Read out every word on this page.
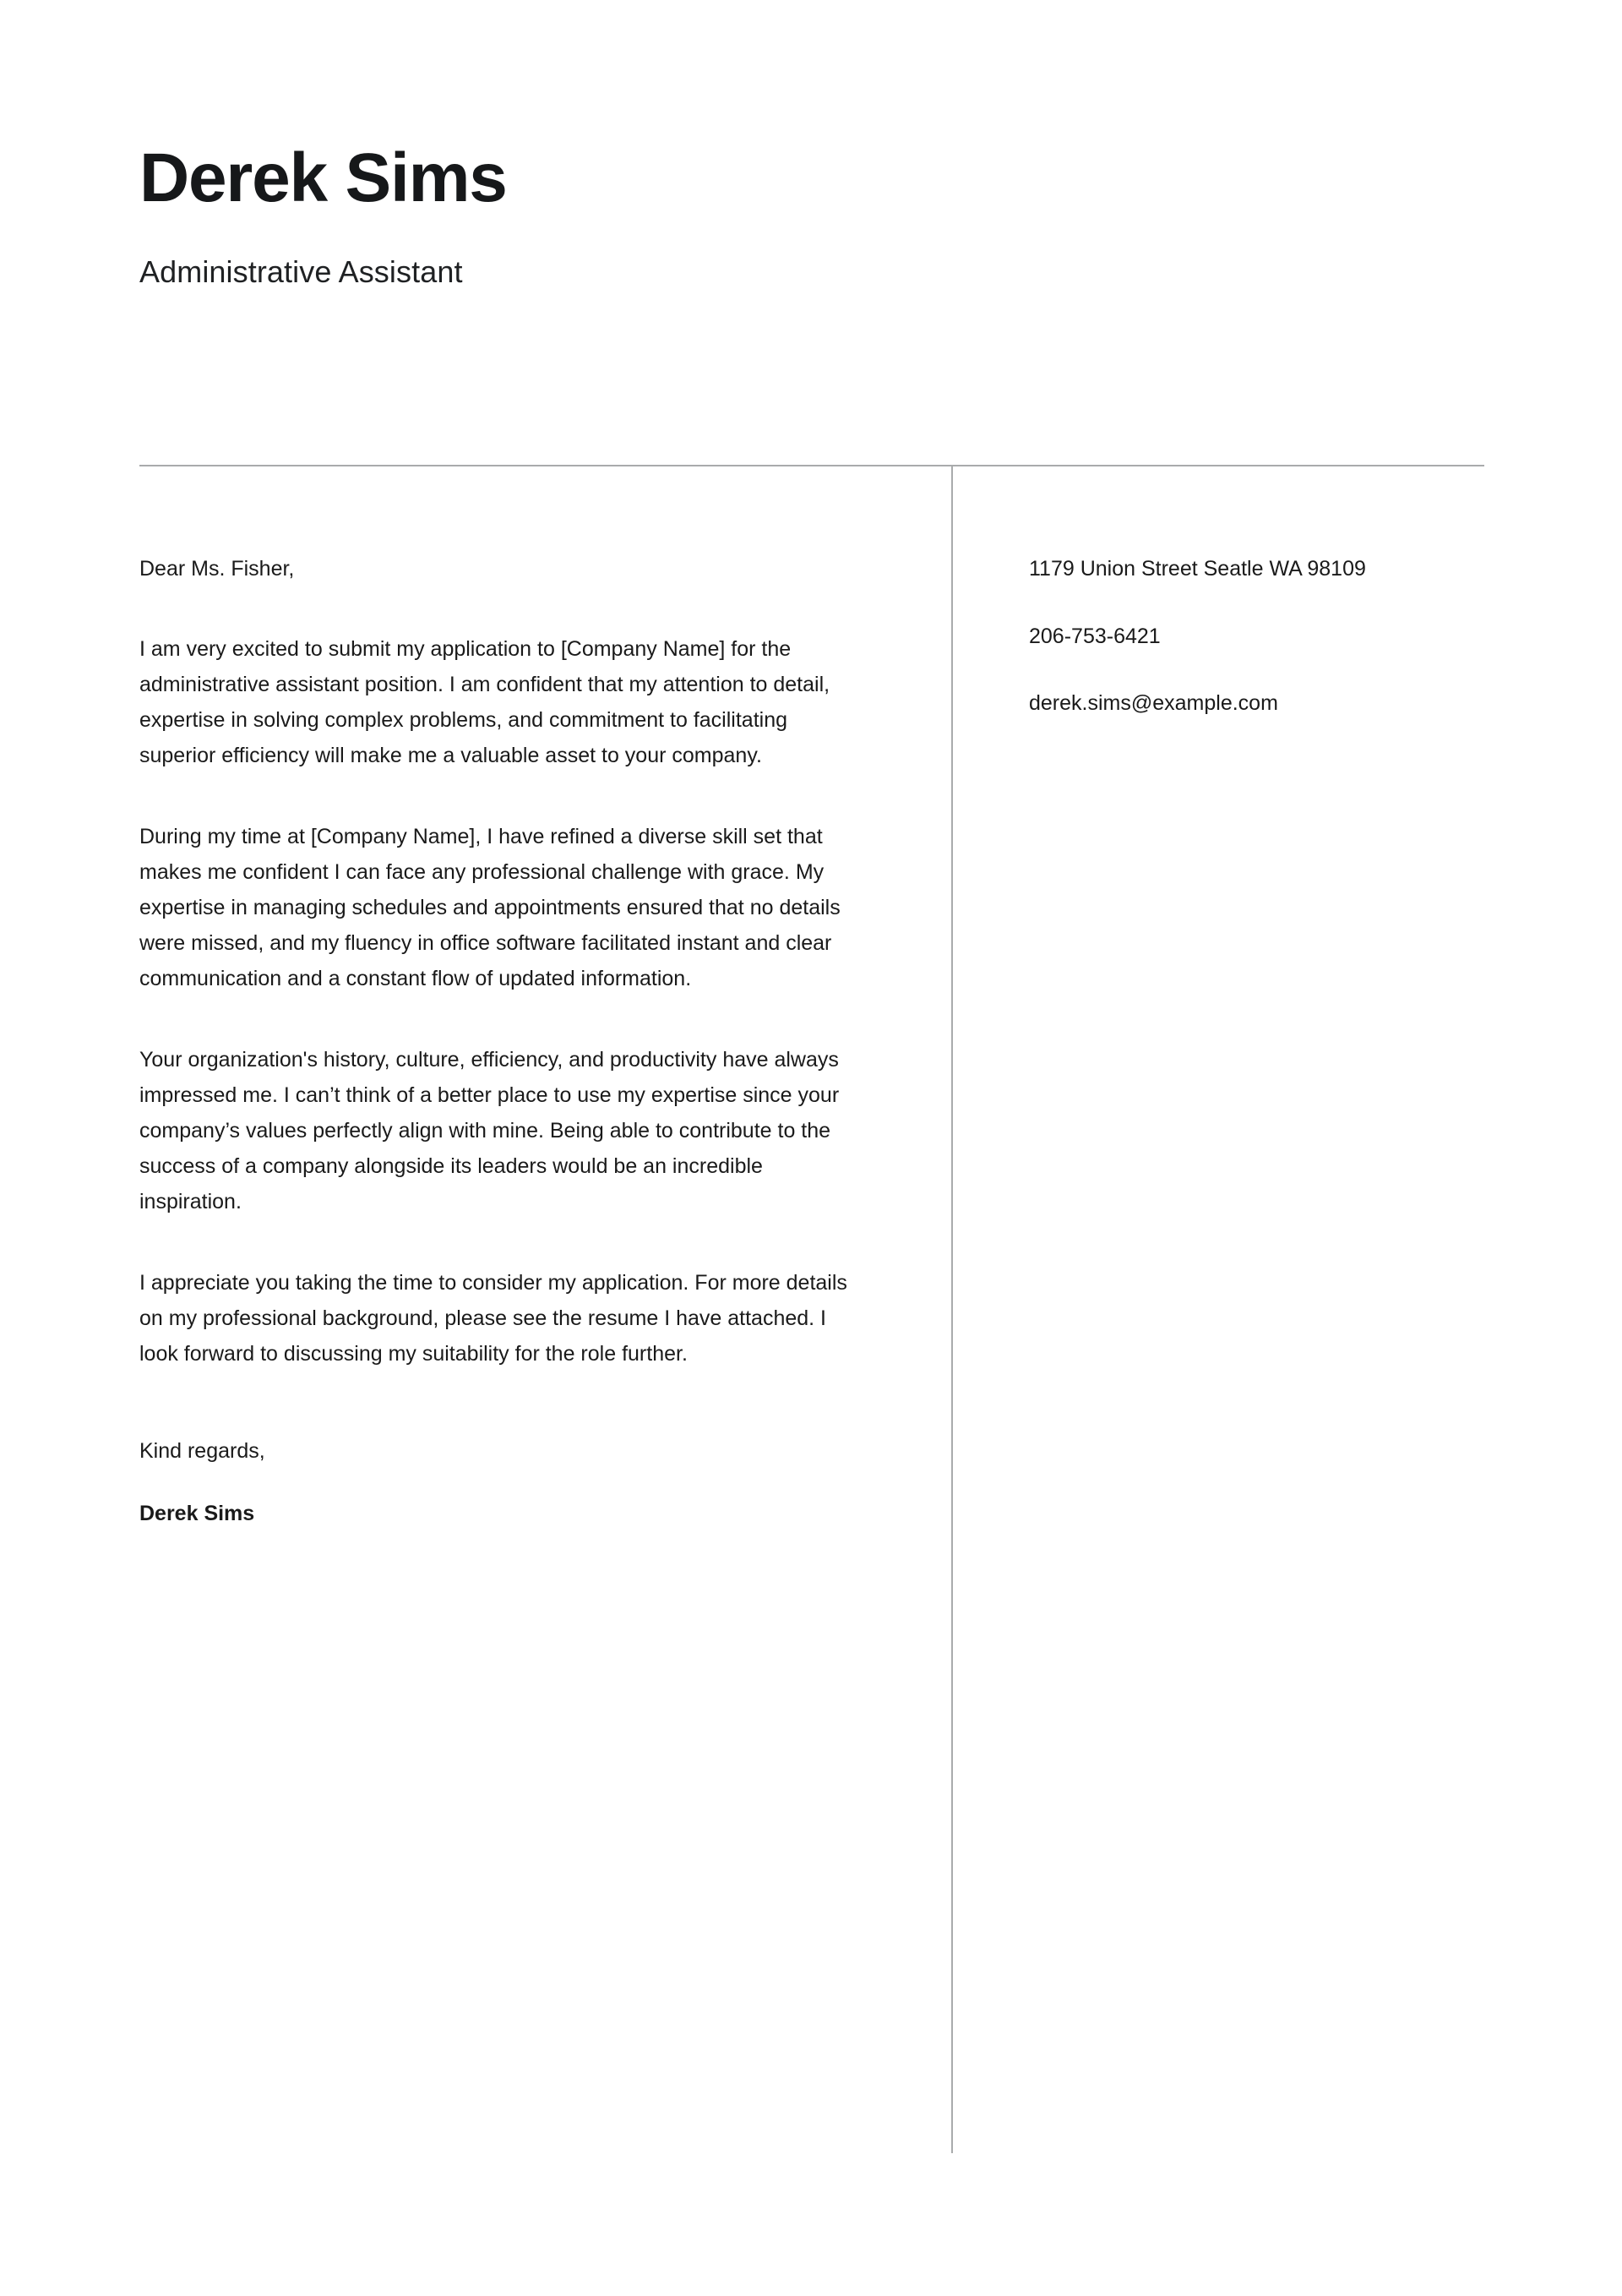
Derek Sims

Administrative Assistant

Dear Ms. Fisher,

I am very excited to submit my application to [Company Name] for the administrative assistant position. I am confident that my attention to detail, expertise in solving complex problems, and commitment to facilitating superior efficiency will make me a valuable asset to your company.

During my time at [Company Name], I have refined a diverse skill set that makes me confident I can face any professional challenge with grace. My expertise in managing schedules and appointments ensured that no details were missed, and my fluency in office software facilitated instant and clear communication and a constant flow of updated information.

Your organization's history, culture, efficiency, and productivity have always impressed me. I can’t think of a better place to use my expertise since your company’s values perfectly align with mine. Being able to contribute to the success of a company alongside its leaders would be an incredible inspiration.

I appreciate you taking the time to consider my application. For more details on my professional background, please see the resume I have attached. I look forward to discussing my suitability for the role further.

Kind regards,

Derek Sims

1179 Union Street Seatle WA 98109

206-753-6421

derek.sims@example.com
